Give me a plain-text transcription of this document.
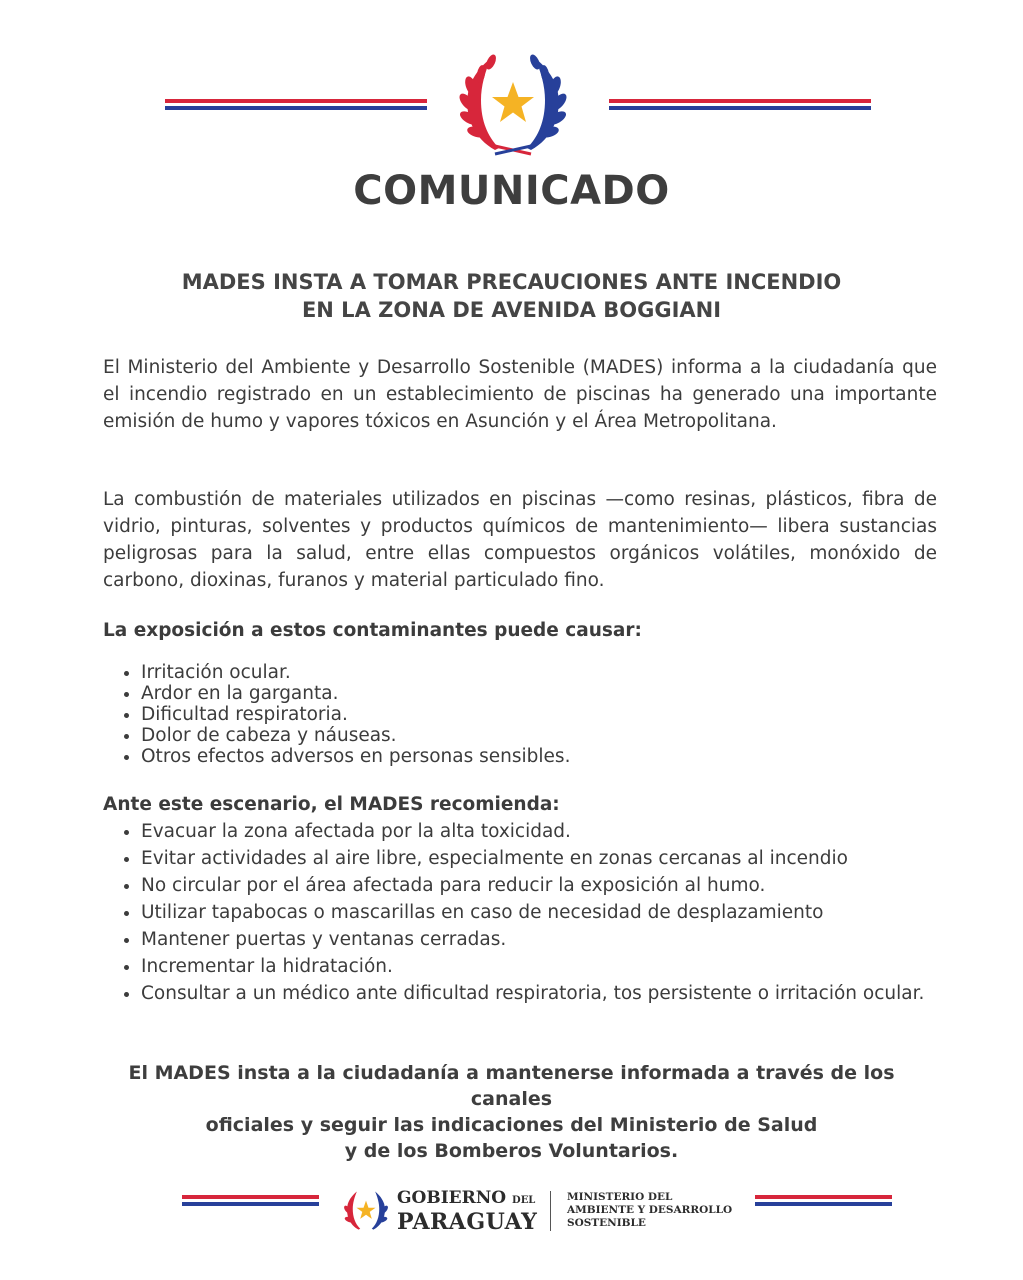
COMUNICADO
MADES INSTA A TOMAR PRECAUCIONES ANTE INCENDIO
EN LA ZONA DE AVENIDA BOGGIANI
El Ministerio del Ambiente y Desarrollo Sostenible (MADES) informa a la ciudadanía que el incendio registrado en un establecimiento de piscinas ha generado una importante emisión de humo y vapores tóxicos en Asunción y el Área Metropolitana.
La combustión de materiales utilizados en piscinas —como resinas, plásticos, fibra de vidrio, pinturas, solventes y productos químicos de mantenimiento— libera sustancias peligrosas para la salud, entre ellas compuestos orgánicos volátiles, monóxido de carbono, dioxinas, furanos y material particulado fino.
La exposición a estos contaminantes puede causar:
• Irritación ocular.
• Ardor en la garganta.
• Dificultad respiratoria.
• Dolor de cabeza y náuseas.
• Otros efectos adversos en personas sensibles.
Ante este escenario, el MADES recomienda:
• Evacuar la zona afectada por la alta toxicidad.
• Evitar actividades al aire libre, especialmente en zonas cercanas al incendio
• No circular por el área afectada para reducir la exposición al humo.
• Utilizar tapabocas o mascarillas en caso de necesidad de desplazamiento
• Mantener puertas y ventanas cerradas.
• Incrementar la hidratación.
• Consultar a un médico ante dificultad respiratoria, tos persistente o irritación ocular.
El MADES insta a la ciudadanía a mantenerse informada a través de los canales
oficiales y seguir las indicaciones del Ministerio de Salud
y de los Bomberos Voluntarios.
GOBIERNO DEL
PARAGUAY
MINISTERIO DEL
AMBIENTE Y DESARROLLO
SOSTENIBLE
